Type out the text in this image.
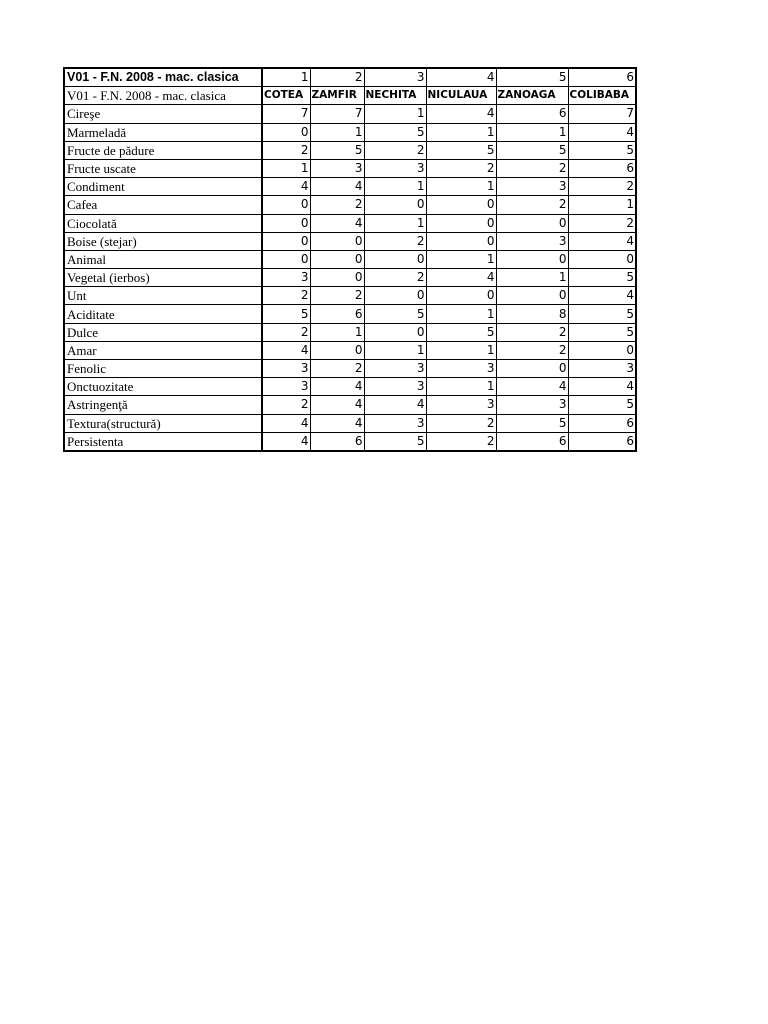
V01 - F.N. 2008 - mac. clasica	1	2	3	4	5	6
V01 - F.N. 2008 - mac. clasica	COTEA	ZAMFIR	NECHITA	NICULAUA	ZANOAGA	COLIBABA
Cireşe	7	7	1	4	6	7
Marmeladă	0	1	5	1	1	4
Fructe de pădure	2	5	2	5	5	5
Fructe uscate	1	3	3	2	2	6
Condiment	4	4	1	1	3	2
Cafea	0	2	0	0	2	1
Ciocolată	0	4	1	0	0	2
Boise (stejar)	0	0	2	0	3	4
Animal	0	0	0	1	0	0
Vegetal (ierbos)	3	0	2	4	1	5
Unt	2	2	0	0	0	4
Aciditate	5	6	5	1	8	5
Dulce	2	1	0	5	2	5
Amar	4	0	1	1	2	0
Fenolic	3	2	3	3	0	3
Onctuozitate	3	4	3	1	4	4
Astringenţă	2	4	4	3	3	5
Textura(structură)	4	4	3	2	5	6
Persistenta	4	6	5	2	6	6
